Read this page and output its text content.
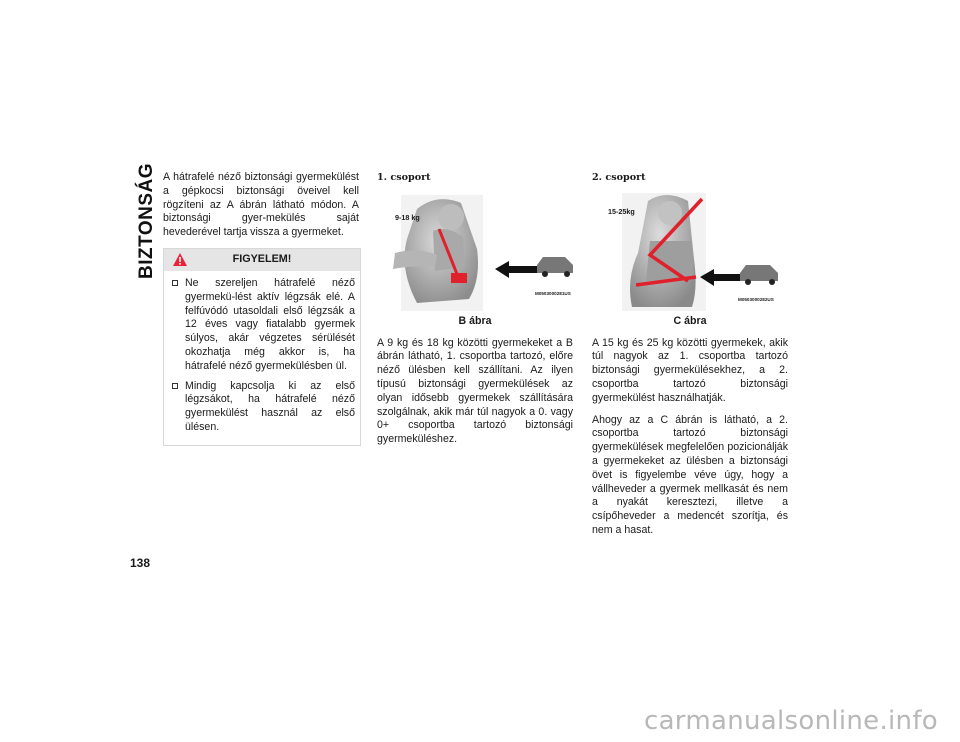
BIZTONSÁG A hátrafelé néző biztonsági gyermekülést a gépkocsi biztonsági öveivel kell rögzíteni az A ábrán látható módon. A biztonsági gyer-mekülés saját hevederével tartja vissza a gyermeket.

FIGYELEM!
Ne szereljen hátrafelé néző gyermekü-lést aktív légzsák elé. A felfúvódó utasoldali első légzsák a 12 éves vagy fiatalabb gyermek súlyos, akár végzetes sérülését okozhatja még akkor is, ha hátrafelé néző gyermekülésben ül.
Mindig kapcsolja ki az első légzsákot, ha hátrafelé néző gyermekülést használ az első ülésen.
1. csoport
9-18 kg
M0503000281US
B ábra

A 9 kg és 18 kg közötti gyermekeket a B ábrán látható, 1. csoportba tartozó, előre néző ülésben kell szállítani. Az ilyen típusú biztonsági gyermekülések az olyan idősebb gyermekek szállítására szolgálnak, akik már túl nagyok a 0. vagy 0+ csoportba tartozó biztonsági gyermeküléshez.

2. csoport
15-25kg
M0503000282US
C ábra

A 15 kg és 25 kg közötti gyermekek, akik túl nagyok az 1. csoportba tartozó biztonsági gyermekülésekhez, a 2. csoportba tartozó biztonsági gyermekülést használhatják.

Ahogy az a C ábrán is látható, a 2. csoportba tartozó biztonsági gyermekülések megfelelően pozicionálják a gyermekeket az ülésben a biztonsági övet is figyelembe véve úgy, hogy a vállheveder a gyermek mellkasát és nem a nyakát keresztezi, illetve a csípőheveder a medencét szorítja, és nem a hasat.

138
carmanualsonline.info
